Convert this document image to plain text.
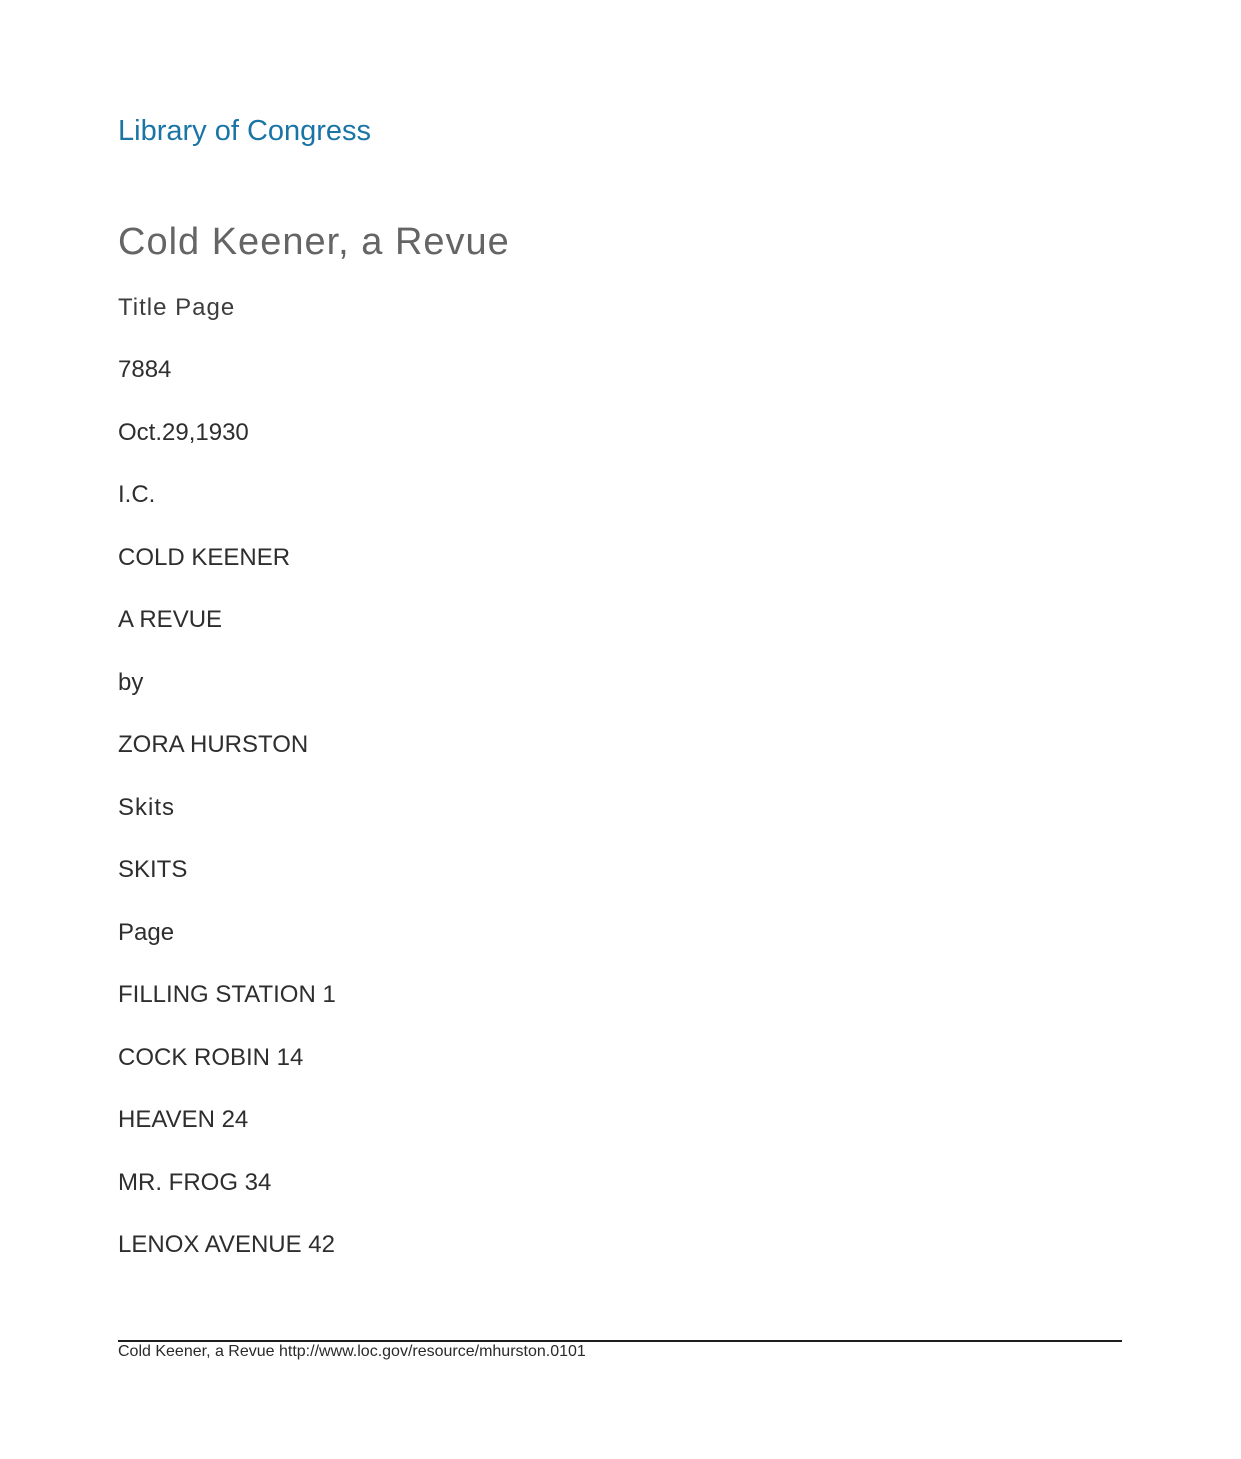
Library of Congress
Cold Keener, a Revue
Title Page
7884
Oct.29,1930
I.C.
COLD KEENER
A REVUE
by
ZORA HURSTON
Skits
SKITS
Page
FILLING STATION 1
COCK ROBIN 14
HEAVEN 24
MR. FROG 34
LENOX AVENUE 42
Cold Keener, a Revue http://www.loc.gov/resource/mhurston.0101
